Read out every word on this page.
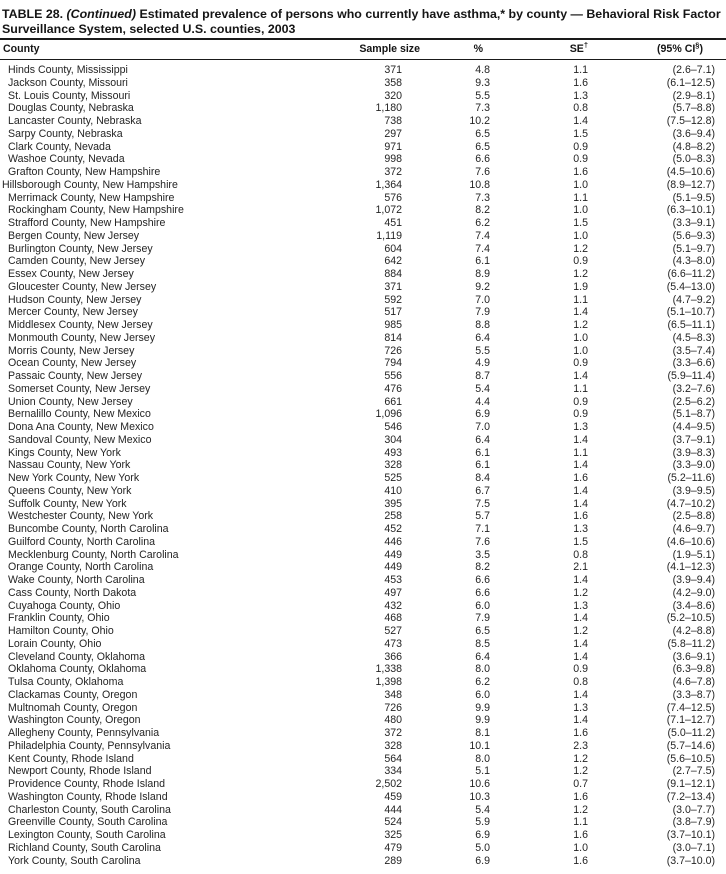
TABLE 28. (Continued) Estimated prevalence of persons who currently have asthma,* by county — Behavioral Risk Factor
Surveillance System, selected U.S. counties, 2003
County	Sample size	%	SE†	(95% CI§)
Hinds County, Mississippi	371	4.8	1.1	(2.6–7.1)
Jackson County, Missouri	358	9.3	1.6	(6.1–12.5)
St. Louis County, Missouri	320	5.5	1.3	(2.9–8.1)
Douglas County, Nebraska	1,180	7.3	0.8	(5.7–8.8)
Lancaster County, Nebraska	738	10.2	1.4	(7.5–12.8)
Sarpy County, Nebraska	297	6.5	1.5	(3.6–9.4)
Clark County, Nevada	971	6.5	0.9	(4.8–8.2)
Washoe County, Nevada	998	6.6	0.9	(5.0–8.3)
Grafton County, New Hampshire	372	7.6	1.6	(4.5–10.6)
Hillsborough County, New Hampshire	1,364	10.8	1.0	(8.9–12.7)
Merrimack County, New Hampshire	576	7.3	1.1	(5.1–9.5)
Rockingham County, New Hampshire	1,072	8.2	1.0	(6.3–10.1)
Strafford County, New Hampshire	451	6.2	1.5	(3.3–9.1)
Bergen County, New Jersey	1,119	7.4	1.0	(5.6–9.3)
Burlington County, New Jersey	604	7.4	1.2	(5.1–9.7)
Camden County, New Jersey	642	6.1	0.9	(4.3–8.0)
Essex County, New Jersey	884	8.9	1.2	(6.6–11.2)
Gloucester County, New Jersey	371	9.2	1.9	(5.4–13.0)
Hudson County, New Jersey	592	7.0	1.1	(4.7–9.2)
Mercer County, New Jersey	517	7.9	1.4	(5.1–10.7)
Middlesex County, New Jersey	985	8.8	1.2	(6.5–11.1)
Monmouth County, New Jersey	814	6.4	1.0	(4.5–8.3)
Morris County, New Jersey	726	5.5	1.0	(3.5–7.4)
Ocean County, New Jersey	794	4.9	0.9	(3.3–6.6)
Passaic County, New Jersey	556	8.7	1.4	(5.9–11.4)
Somerset County, New Jersey	476	5.4	1.1	(3.2–7.6)
Union County, New Jersey	661	4.4	0.9	(2.5–6.2)
Bernalillo County, New Mexico	1,096	6.9	0.9	(5.1–8.7)
Dona Ana County, New Mexico	546	7.0	1.3	(4.4–9.5)
Sandoval County, New Mexico	304	6.4	1.4	(3.7–9.1)
Kings County, New York	493	6.1	1.1	(3.9–8.3)
Nassau County, New York	328	6.1	1.4	(3.3–9.0)
New York County, New York	525	8.4	1.6	(5.2–11.6)
Queens County, New York	410	6.7	1.4	(3.9–9.5)
Suffolk County, New York	395	7.5	1.4	(4.7–10.2)
Westchester County, New York	258	5.7	1.6	(2.5–8.8)
Buncombe County, North Carolina	452	7.1	1.3	(4.6–9.7)
Guilford County, North Carolina	446	7.6	1.5	(4.6–10.6)
Mecklenburg County, North Carolina	449	3.5	0.8	(1.9–5.1)
Orange County, North Carolina	449	8.2	2.1	(4.1–12.3)
Wake County, North Carolina	453	6.6	1.4	(3.9–9.4)
Cass County, North Dakota	497	6.6	1.2	(4.2–9.0)
Cuyahoga County, Ohio	432	6.0	1.3	(3.4–8.6)
Franklin County, Ohio	468	7.9	1.4	(5.2–10.5)
Hamilton County, Ohio	527	6.5	1.2	(4.2–8.8)
Lorain County, Ohio	473	8.5	1.4	(5.8–11.2)
Cleveland County, Oklahoma	366	6.4	1.4	(3.6–9.1)
Oklahoma County, Oklahoma	1,338	8.0	0.9	(6.3–9.8)
Tulsa County, Oklahoma	1,398	6.2	0.8	(4.6–7.8)
Clackamas County, Oregon	348	6.0	1.4	(3.3–8.7)
Multnomah County, Oregon	726	9.9	1.3	(7.4–12.5)
Washington County, Oregon	480	9.9	1.4	(7.1–12.7)
Allegheny County, Pennsylvania	372	8.1	1.6	(5.0–11.2)
Philadelphia County, Pennsylvania	328	10.1	2.3	(5.7–14.6)
Kent County, Rhode Island	564	8.0	1.2	(5.6–10.5)
Newport County, Rhode Island	334	5.1	1.2	(2.7–7.5)
Providence County, Rhode Island	2,502	10.6	0.7	(9.1–12.1)
Washington County, Rhode Island	459	10.3	1.6	(7.2–13.4)
Charleston County, South Carolina	444	5.4	1.2	(3.0–7.7)
Greenville County, South Carolina	524	5.9	1.1	(3.8–7.9)
Lexington County, South Carolina	325	6.9	1.6	(3.7–10.1)
Richland County, South Carolina	479	5.0	1.0	(3.0–7.1)
York County, South Carolina	289	6.9	1.6	(3.7–10.0)
